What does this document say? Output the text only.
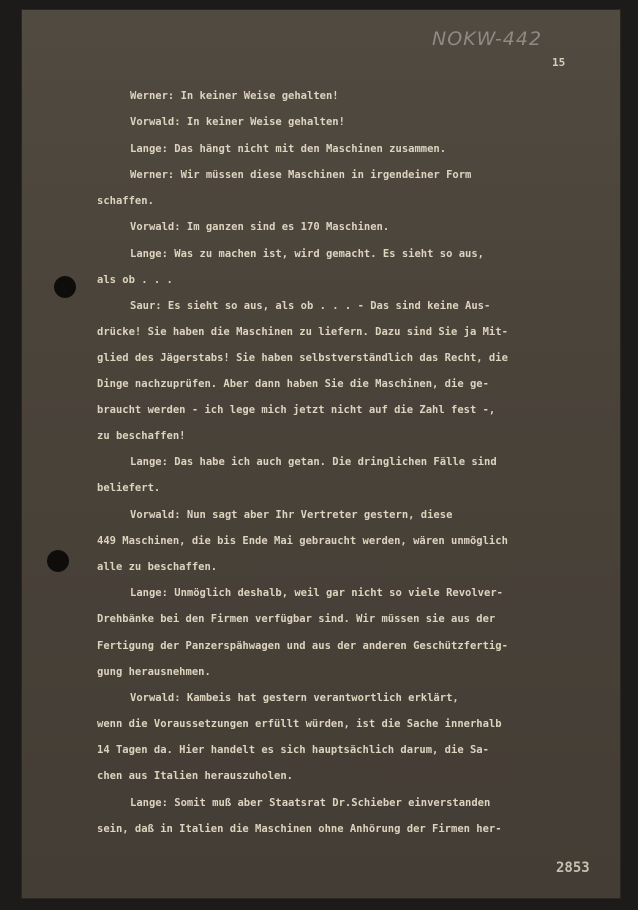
NOKW-442
15

Werner: In keiner Weise gehalten!

Vorwald: In keiner Weise gehalten!

Lange: Das hängt nicht mit den Maschinen zusammen.

Werner: Wir müssen diese Maschinen in irgendeiner Form

schaffen.

Vorwald: Im ganzen sind es 170 Maschinen.

Lange: Was zu machen ist, wird gemacht. Es sieht so aus,

als ob . . .

Saur: Es sieht so aus, als ob . . . - Das sind keine Aus-

drücke! Sie haben die Maschinen zu liefern. Dazu sind Sie ja Mit-

glied des Jägerstabs! Sie haben selbstverständlich das Recht, die

Dinge nachzuprüfen. Aber dann haben Sie die Maschinen, die ge-

braucht werden - ich lege mich jetzt nicht auf die Zahl fest -,

zu beschaffen!

Lange: Das habe ich auch getan. Die dringlichen Fälle sind

beliefert.

Vorwald: Nun sagt aber Ihr Vertreter gestern, diese

449 Maschinen, die bis Ende Mai gebraucht werden, wären unmöglich

alle zu beschaffen.

Lange: Unmöglich deshalb, weil gar nicht so viele Revolver-

Drehbänke bei den Firmen verfügbar sind. Wir müssen sie aus der

Fertigung der Panzerspähwagen und aus der anderen Geschützfertig-

gung herausnehmen.

Vorwald: Kambeis hat gestern verantwortlich erklärt,

wenn die Voraussetzungen erfüllt würden, ist die Sache innerhalb

14 Tagen da. Hier handelt es sich hauptsächlich darum, die Sa-

chen aus Italien herauszuholen.

Lange: Somit muß aber Staatsrat Dr.Schieber einverstanden

sein, daß in Italien die Maschinen ohne Anhörung der Firmen her-

2853
